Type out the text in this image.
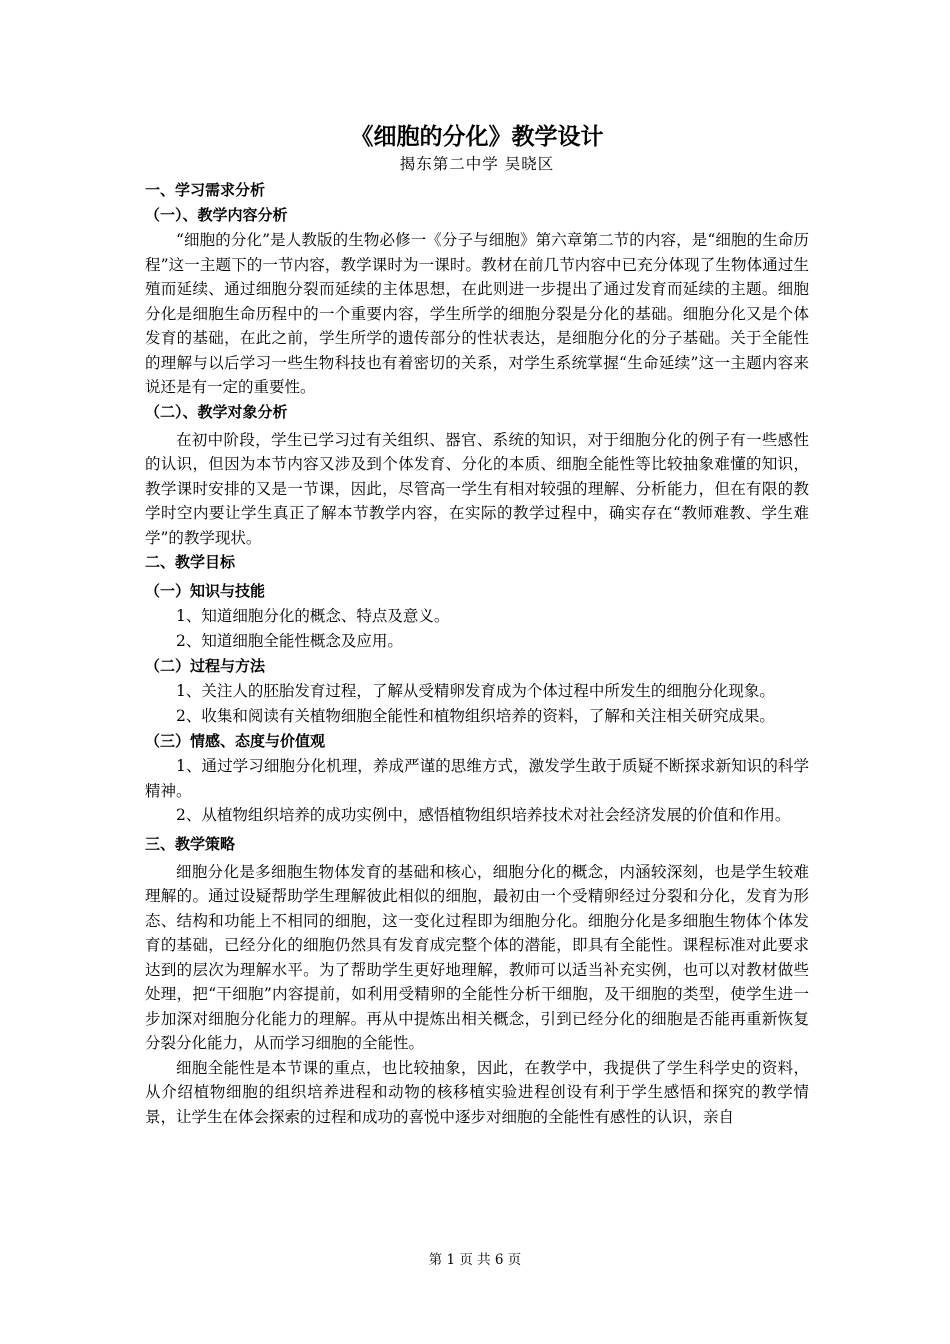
《细胞的分化》教学设计

揭东第二中学 吴晓区

一、学习需求分析

（一）、教学内容分析

“细胞的分化”是人教版的生物必修一《分子与细胞》第六章第二节的内容，是“细胞的生命历程”这一主题下的一节内容，教学课时为一课时。教材在前几节内容中已充分体现了生物体通过生殖而延续、通过细胞分裂而延续的主体思想，在此则进一步提出了通过发育而延续的主题。细胞分化是细胞生命历程中的一个重要内容，学生所学的细胞分裂是分化的基础。细胞分化又是个体发育的基础，在此之前，学生所学的遗传部分的性状表达，是细胞分化的分子基础。关于全能性的理解与以后学习一些生物科技也有着密切的关系，对学生系统掌握“生命延续”这一主题内容来说还是有一定的重要性。

（二）、教学对象分析

在初中阶段，学生已学习过有关组织、器官、系统的知识，对于细胞分化的例子有一些感性的认识，但因为本节内容又涉及到个体发育、分化的本质、细胞全能性等比较抽象难懂的知识，教学课时安排的又是一节课，因此，尽管高一学生有相对较强的理解、分析能力，但在有限的教学时空内要让学生真正了解本节教学内容，在实际的教学过程中，确实存在“教师难教、学生难学”的教学现状。

二、教学目标

（一）知识与技能

1、知道细胞分化的概念、特点及意义。

2、知道细胞全能性概念及应用。

（二）过程与方法

1、关注人的胚胎发育过程，了解从受精卵发育成为个体过程中所发生的细胞分化现象。

2、收集和阅读有关植物细胞全能性和植物组织培养的资料，了解和关注相关研究成果。

（三）情感、态度与价值观

1、通过学习细胞分化机理，养成严谨的思维方式，激发学生敢于质疑不断探求新知识的科学精神。

2、从植物组织培养的成功实例中，感悟植物组织培养技术对社会经济发展的价值和作用。

三、教学策略

细胞分化是多细胞生物体发育的基础和核心，细胞分化的概念，内涵较深刻，也是学生较难理解的。通过设疑帮助学生理解彼此相似的细胞，最初由一个受精卵经过分裂和分化，发育为形态、结构和功能上不相同的细胞，这一变化过程即为细胞分化。细胞分化是多细胞生物体个体发育的基础，已经分化的细胞仍然具有发育成完整个体的潜能，即具有全能性。课程标准对此要求达到的层次为理解水平。为了帮助学生更好地理解，教师可以适当补充实例，也可以对教材做些处理，把“干细胞”内容提前，如利用受精卵的全能性分析干细胞，及干细胞的类型，使学生进一步加深对细胞分化能力的理解。再从中提炼出相关概念，引到已经分化的细胞是否能再重新恢复分裂分化能力，从而学习细胞的全能性。

细胞全能性是本节课的重点，也比较抽象，因此，在教学中，我提供了学生科学史的资料，从介绍植物细胞的组织培养进程和动物的核移植实验进程创设有利于学生感悟和探究的教学情景，让学生在体会探索的过程和成功的喜悦中逐步对细胞的全能性有感性的认识，亲自

第 1 页 共 6 页
